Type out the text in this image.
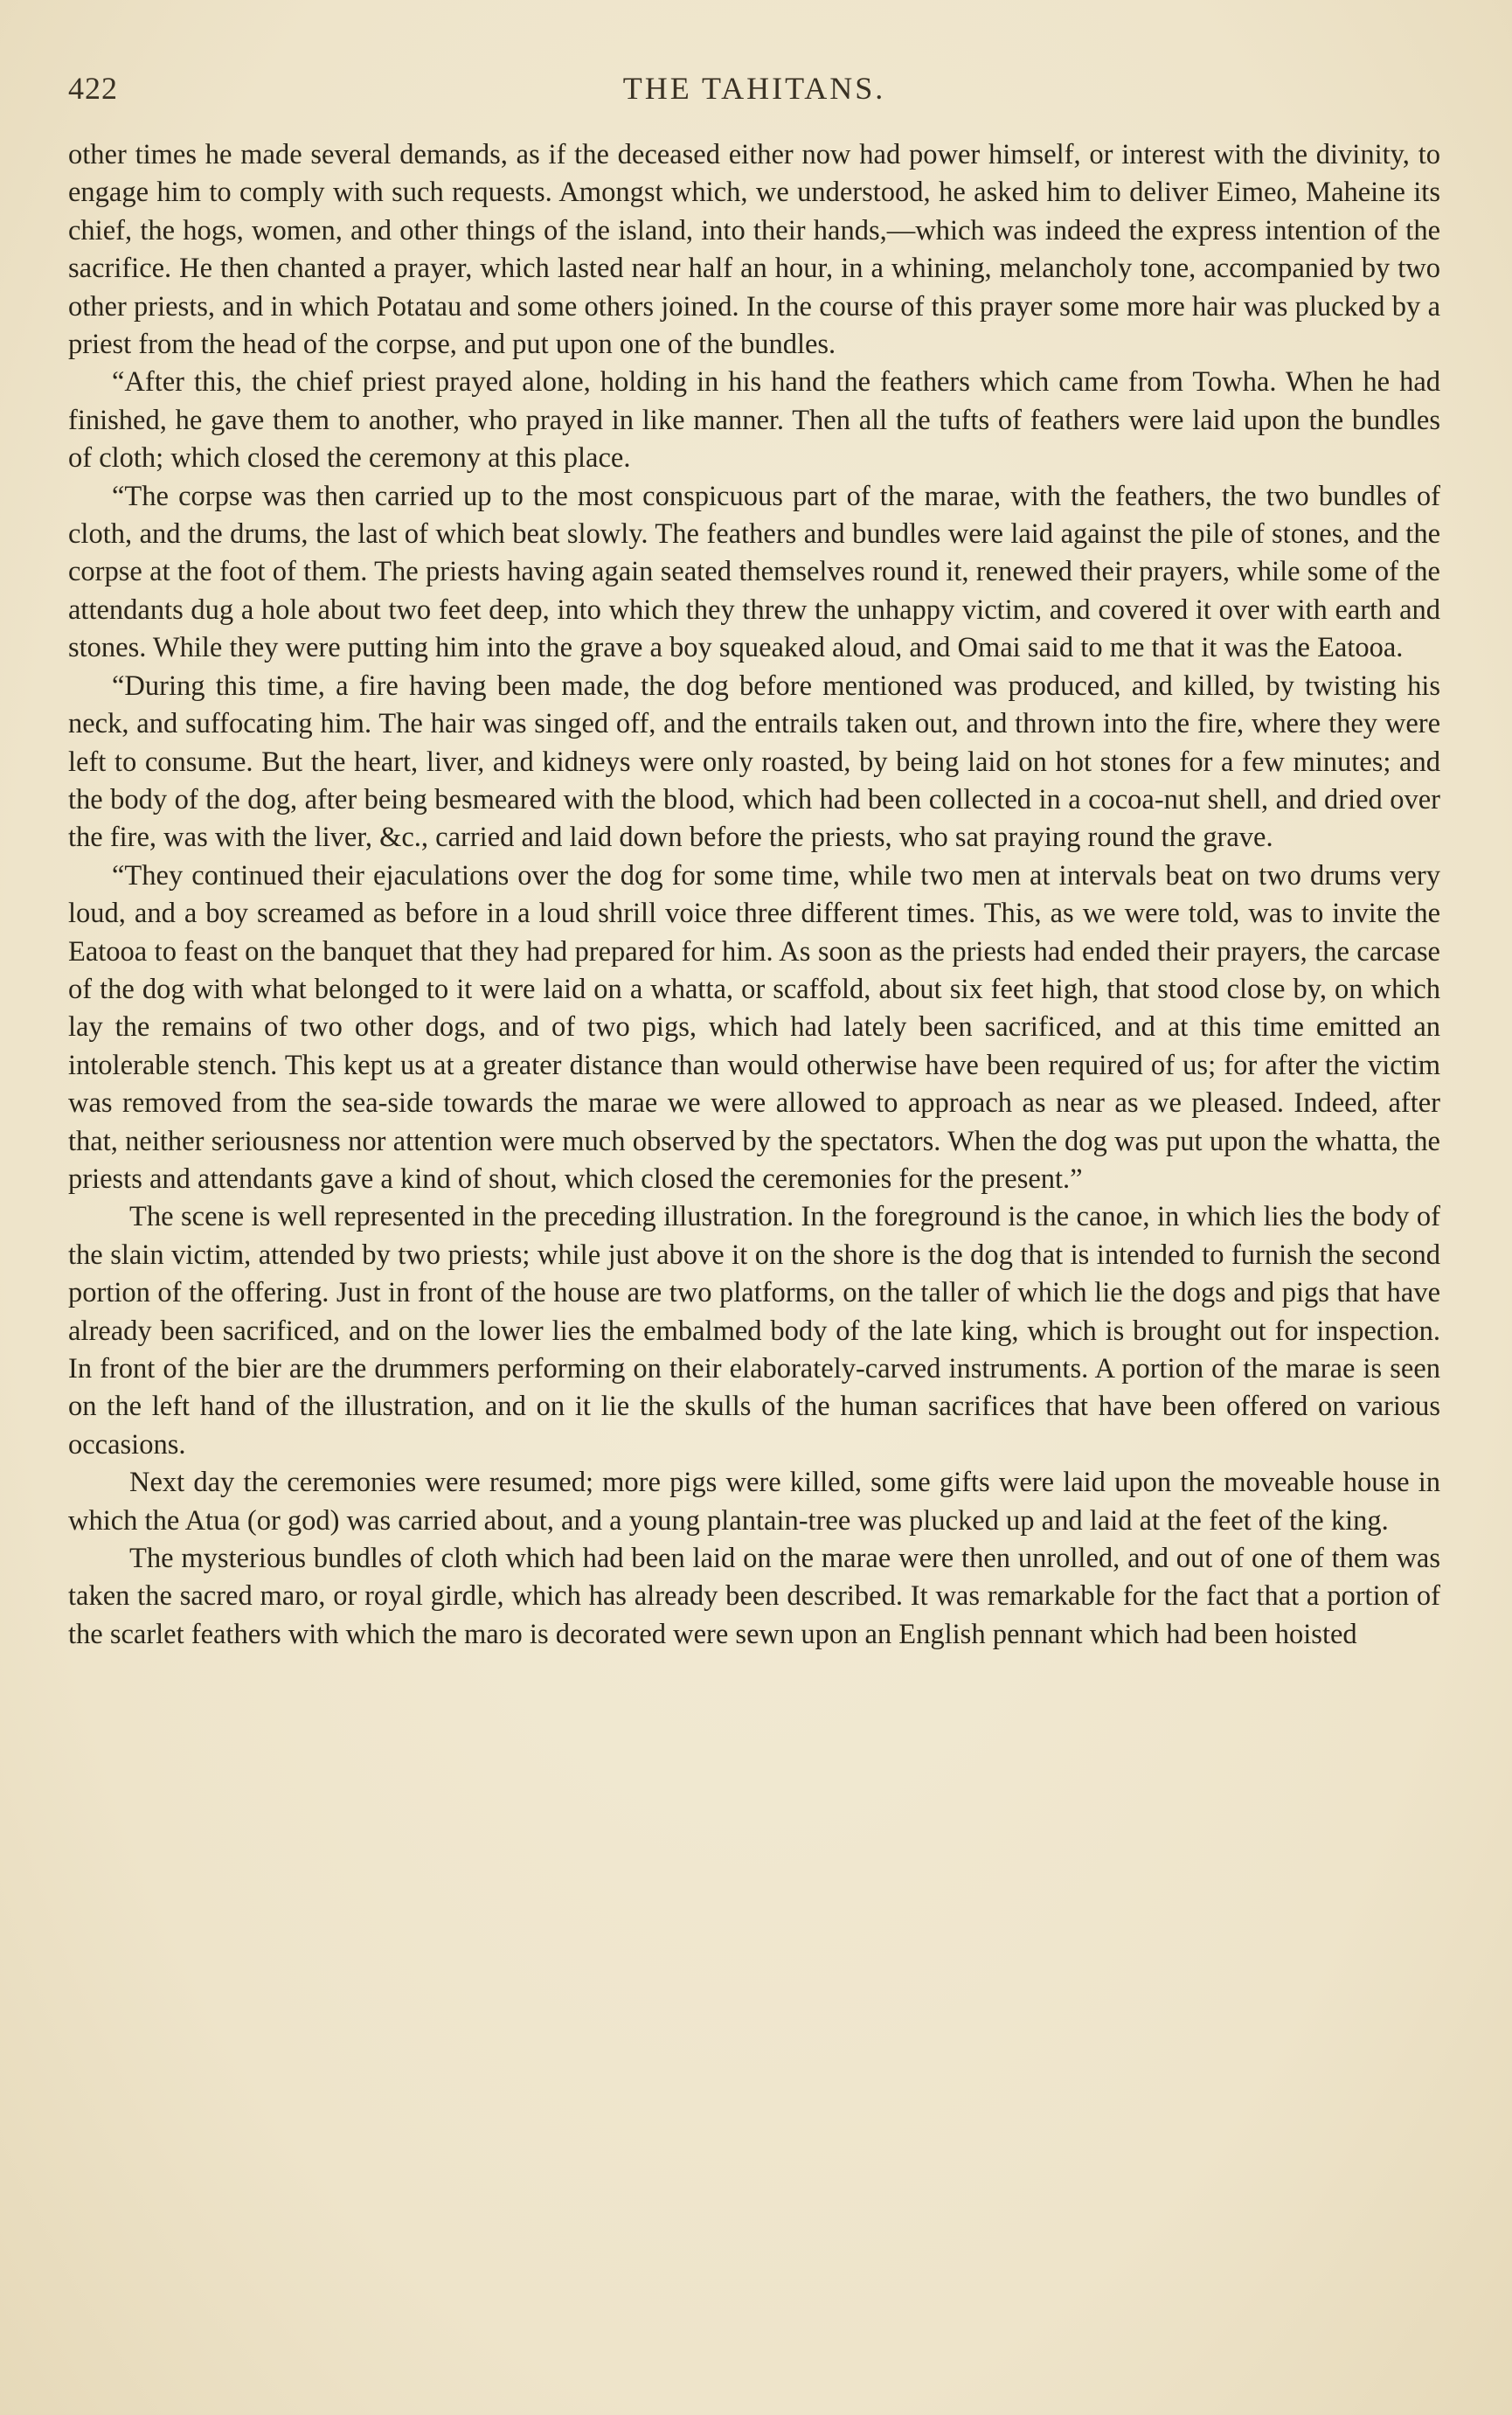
422	THE TAHITANS.

other times he made several demands, as if the deceased either now had power himself, or interest with the divinity, to engage him to comply with such requests. Amongst which, we understood, he asked him to deliver Eimeo, Maheine its chief, the hogs, women, and other things of the island, into their hands,—which was indeed the express intention of the sacrifice. He then chanted a prayer, which lasted near half an hour, in a whining, melancholy tone, accompanied by two other priests, and in which Potatau and some others joined. In the course of this prayer some more hair was plucked by a priest from the head of the corpse, and put upon one of the bundles.

“After this, the chief priest prayed alone, holding in his hand the feathers which came from Towha. When he had finished, he gave them to another, who prayed in like manner. Then all the tufts of feathers were laid upon the bundles of cloth; which closed the ceremony at this place.

“The corpse was then carried up to the most conspicuous part of the marae, with the feathers, the two bundles of cloth, and the drums, the last of which beat slowly. The feathers and bundles were laid against the pile of stones, and the corpse at the foot of them. The priests having again seated themselves round it, renewed their prayers, while some of the attendants dug a hole about two feet deep, into which they threw the unhappy victim, and covered it over with earth and stones. While they were putting him into the grave a boy squeaked aloud, and Omai said to me that it was the Eatooa.

“During this time, a fire having been made, the dog before mentioned was produced, and killed, by twisting his neck, and suffocating him. The hair was singed off, and the entrails taken out, and thrown into the fire, where they were left to consume. But the heart, liver, and kidneys were only roasted, by being laid on hot stones for a few minutes; and the body of the dog, after being besmeared with the blood, which had been collected in a cocoa-nut shell, and dried over the fire, was with the liver, &c., carried and laid down before the priests, who sat praying round the grave.

“They continued their ejaculations over the dog for some time, while two men at intervals beat on two drums very loud, and a boy screamed as before in a loud shrill voice three different times. This, as we were told, was to invite the Eatooa to feast on the banquet that they had prepared for him. As soon as the priests had ended their prayers, the carcase of the dog with what belonged to it were laid on a whatta, or scaffold, about six feet high, that stood close by, on which lay the remains of two other dogs, and of two pigs, which had lately been sacrificed, and at this time emitted an intolerable stench. This kept us at a greater distance than would otherwise have been required of us; for after the victim was removed from the sea-side towards the marae we were allowed to approach as near as we pleased. Indeed, after that, neither seriousness nor attention were much observed by the spectators. When the dog was put upon the whatta, the priests and attendants gave a kind of shout, which closed the ceremonies for the present.”

The scene is well represented in the preceding illustration. In the foreground is the canoe, in which lies the body of the slain victim, attended by two priests; while just above it on the shore is the dog that is intended to furnish the second portion of the offering. Just in front of the house are two platforms, on the taller of which lie the dogs and pigs that have already been sacrificed, and on the lower lies the embalmed body of the late king, which is brought out for inspection. In front of the bier are the drummers performing on their elaborately-carved instruments. A portion of the marae is seen on the left hand of the illustration, and on it lie the skulls of the human sacrifices that have been offered on various occasions.

Next day the ceremonies were resumed; more pigs were killed, some gifts were laid upon the moveable house in which the Atua (or god) was carried about, and a young plantain-tree was plucked up and laid at the feet of the king.

The mysterious bundles of cloth which had been laid on the marae were then unrolled, and out of one of them was taken the sacred maro, or royal girdle, which has already been described. It was remarkable for the fact that a portion of the scarlet feathers with which the maro is decorated were sewn upon an English pennant which had been hoisted
